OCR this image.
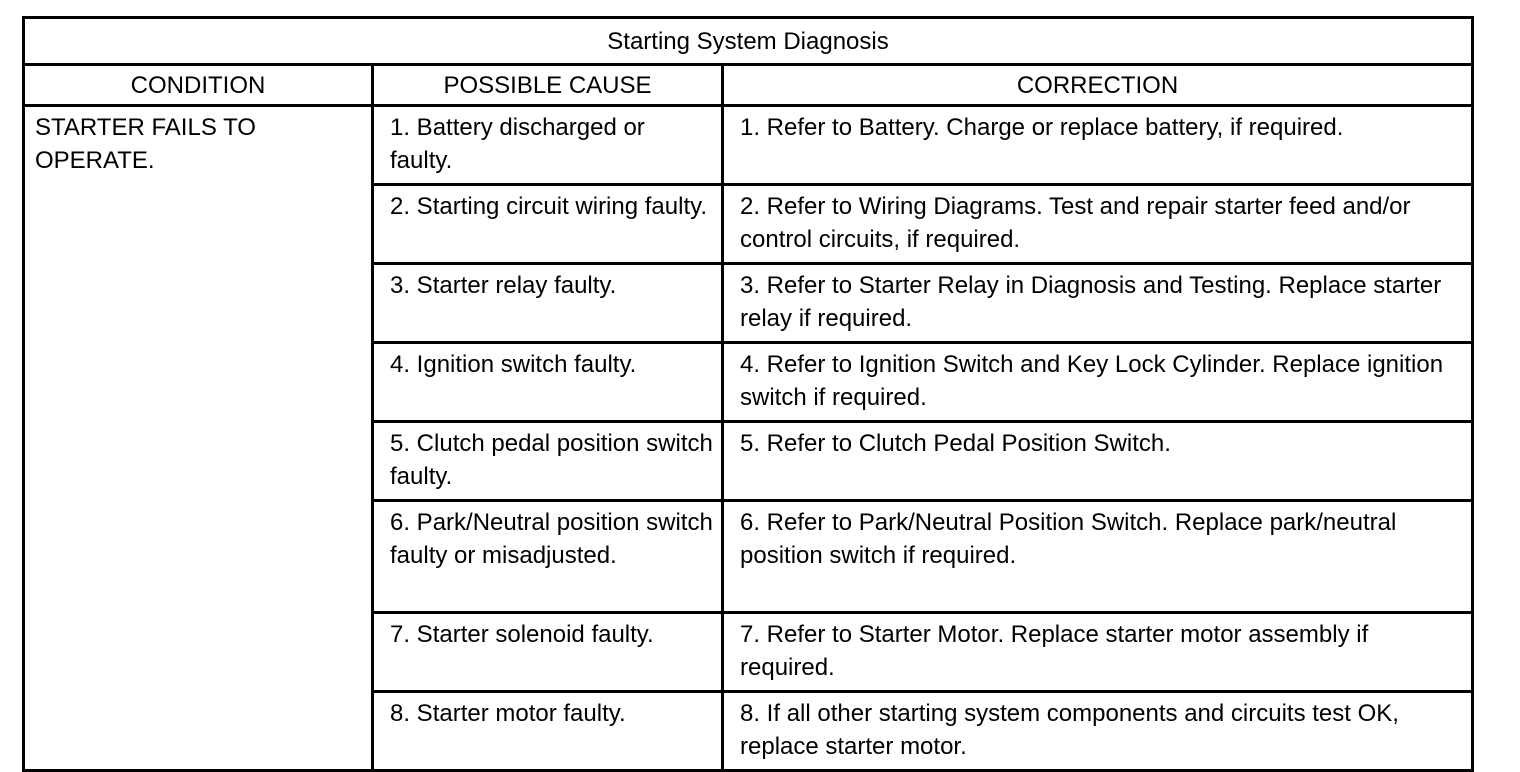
Starting System Diagnosis		
CONDITION	POSSIBLE CAUSE	CORRECTION
STARTER FAILS TO OPERATE.	1. Battery discharged or faulty.	1. Refer to Battery. Charge or replace battery, if required.
	2. Starting circuit wiring faulty.	2. Refer to Wiring Diagrams. Test and repair starter feed and/or control circuits, if required.
	3. Starter relay faulty.	3. Refer to Starter Relay in Diagnosis and Testing. Replace starter relay if required.
	4. Ignition switch faulty.	4. Refer to Ignition Switch and Key Lock Cylinder. Replace ignition switch if required.
	5. Clutch pedal position switch faulty.	5. Refer to Clutch Pedal Position Switch.
	6. Park/Neutral position switch faulty or misadjusted.	6. Refer to Park/Neutral Position Switch. Replace park/neutral position switch if required.
	7. Starter solenoid faulty.	7. Refer to Starter Motor. Replace starter motor assembly if required.
	8. Starter motor faulty.	8. If all other starting system components and circuits test OK, replace starter motor.
